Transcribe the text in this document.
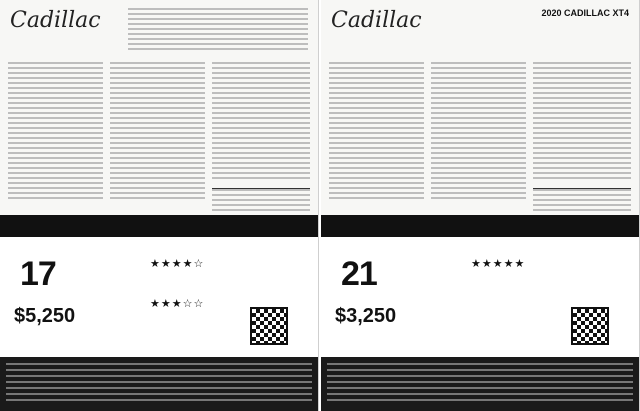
Cadillac
17
$5,250
★★★★☆
★★★☆☆
Cadillac	2020 CADILLAC XT4
21
$3,250
★★★★★
